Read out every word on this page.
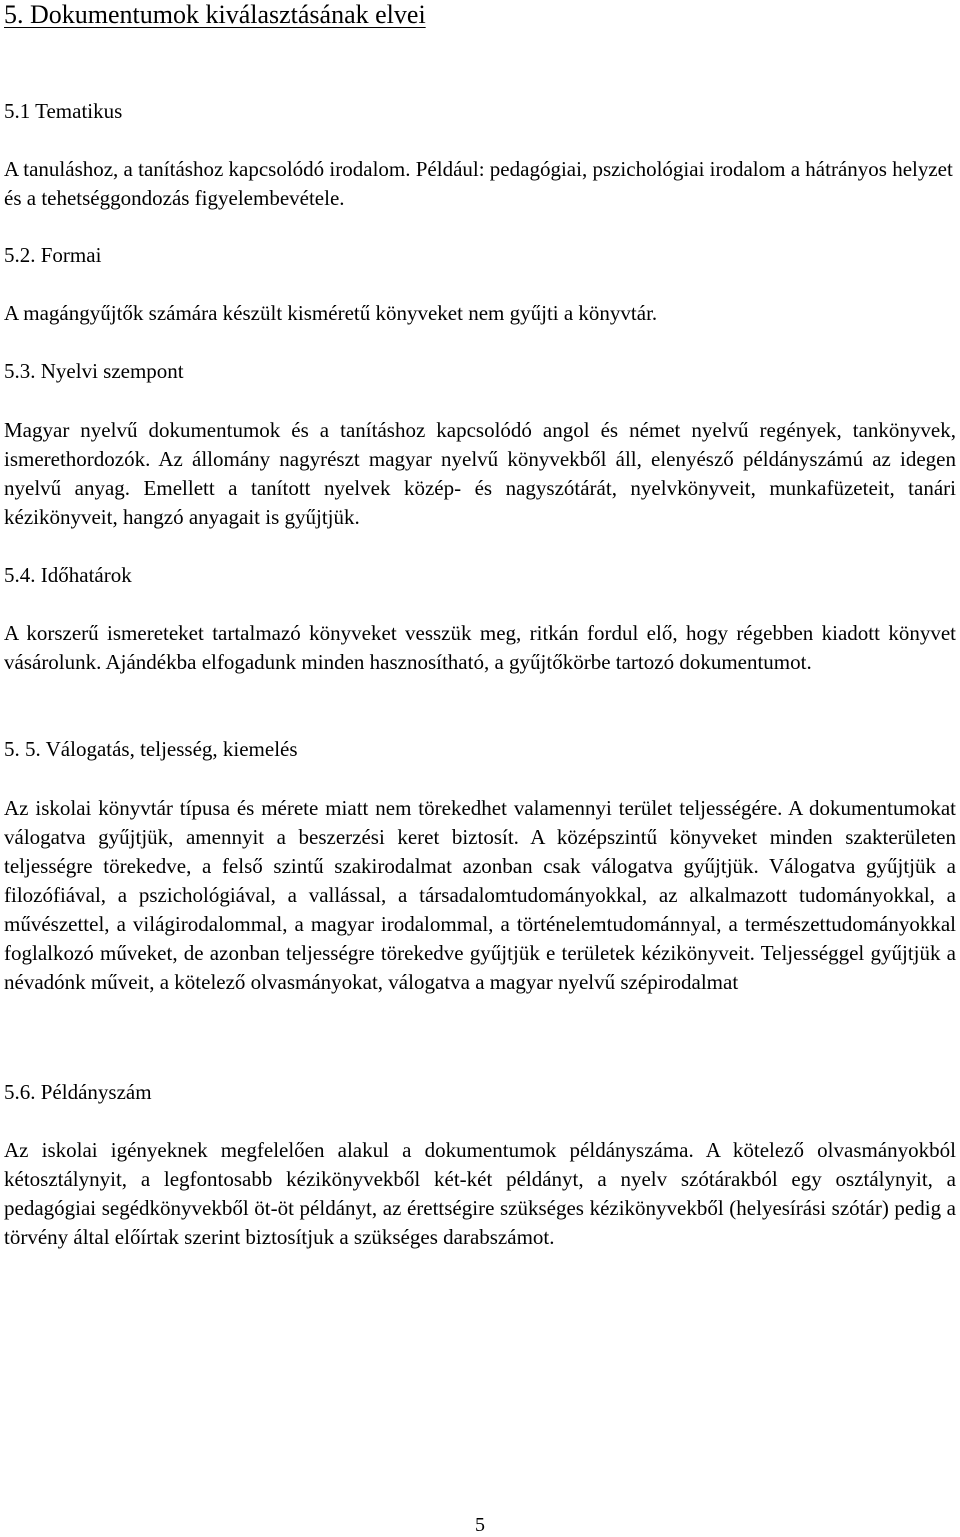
5. Dokumentumok kiválasztásának elvei
5.1 Tematikus
A tanuláshoz, a tanításhoz kapcsolódó irodalom. Például: pedagógiai, pszichológiai irodalom a hátrányos helyzet és a tehetséggondozás figyelembevétele.
5.2. Formai
A magángyűjtők számára készült kisméretű könyveket nem gyűjti a könyvtár.
5.3. Nyelvi szempont
Magyar nyelvű dokumentumok és a tanításhoz kapcsolódó angol és német nyelvű regények, tankönyvek, ismerethordozók. Az állomány nagyrészt magyar nyelvű könyvekből áll, elenyésző példányszámú az idegen nyelvű anyag. Emellett a tanított nyelvek közép- és nagyszótárát, nyelvkönyveit, munkafüzeteit, tanári kézikönyveit, hangzó anyagait is gyűjtjük.
5.4. Időhatárok
A korszerű ismereteket tartalmazó könyveket vesszük meg, ritkán fordul elő, hogy régebben kiadott könyvet vásárolunk. Ajándékba elfogadunk minden hasznosítható, a gyűjtőkörbe tartozó dokumentumot.
5. 5. Válogatás, teljesség, kiemelés
Az iskolai könyvtár típusa és mérete miatt nem törekedhet valamennyi terület teljességére. A dokumentumokat válogatva gyűjtjük, amennyit a beszerzési keret biztosít. A középszintű könyveket minden szakterületen teljességre törekedve, a felső szintű szakirodalmat azonban csak válogatva gyűjtjük. Válogatva gyűjtjük a filozófiával, a pszichológiával, a vallással, a társadalomtudományokkal, az alkalmazott tudományokkal, a művészettel, a világirodalommal, a magyar irodalommal, a történelemtudománnyal, a természettudományokkal foglalkozó műveket, de azonban teljességre törekedve gyűjtjük e területek kézikönyveit. Teljességgel gyűjtjük a névadónk műveit, a kötelező olvasmányokat, válogatva a magyar nyelvű szépirodalmat
5.6. Példányszám
Az iskolai igényeknek megfelelően alakul a dokumentumok példányszáma. A kötelező olvasmányokból kétosztálynyit, a legfontosabb kézikönyvekből két-két példányt, a nyelv szótárakból egy osztálynyit, a pedagógiai segédkönyvekből öt-öt példányt, az érettségire szükséges kézikönyvekből (helyesírási szótár) pedig a törvény által előírtak szerint biztosítjuk a szükséges darabszámot.
5
